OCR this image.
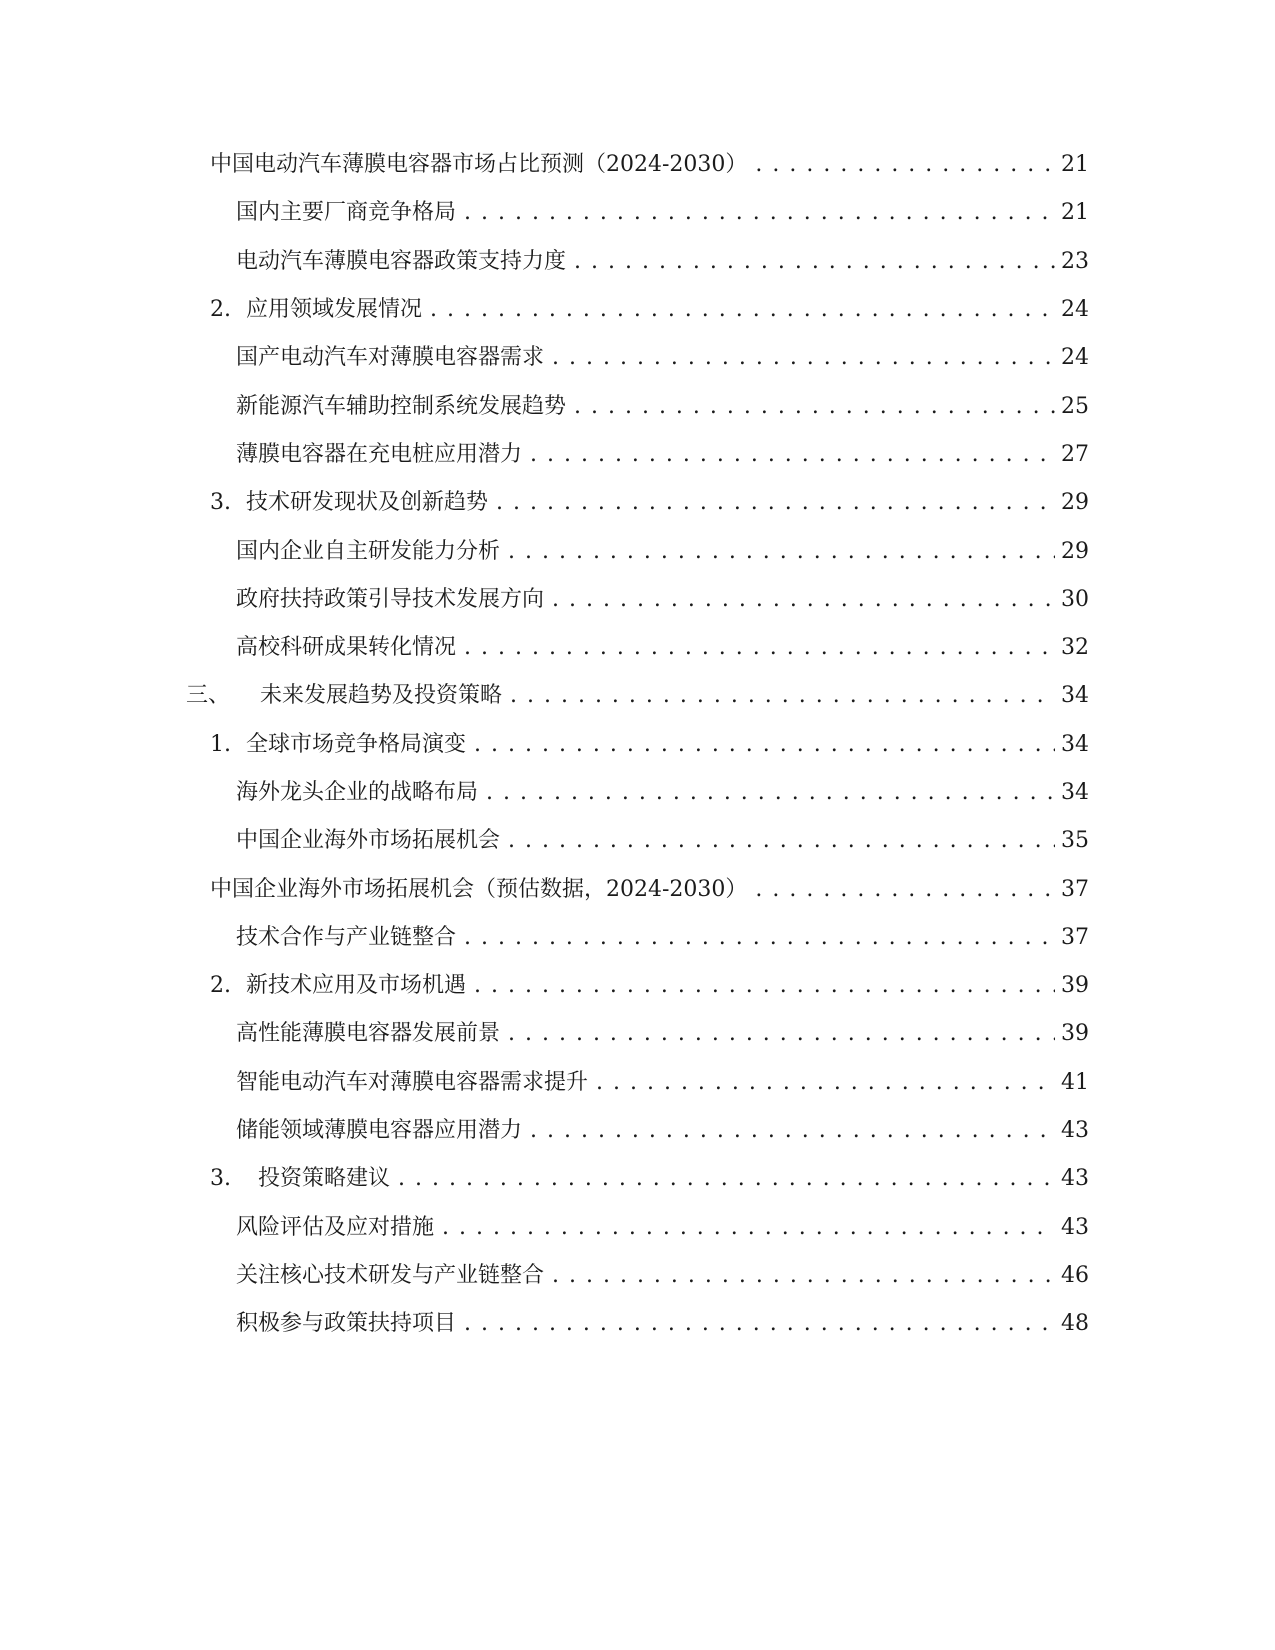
中国电动汽车薄膜电容器市场占比预测（2024-2030） . . .	21
国内主要厂商竞争格局 . . .	21
电动汽车薄膜电容器政策支持力度 . . .	23
2. 应用领域发展情况 . . .	24
国产电动汽车对薄膜电容器需求 . . .	24
新能源汽车辅助控制系统发展趋势 . . .	25
薄膜电容器在充电桩应用潜力 . . .	27
3. 技术研发现状及创新趋势 . . .	29
国内企业自主研发能力分析 . . .	29
政府扶持政策引导技术发展方向 . . .	30
高校科研成果转化情况 . . .	32
三、	未来发展趋势及投资策略 . . .	34
1. 全球市场竞争格局演变 . . .	34
海外龙头企业的战略布局 . . .	34
中国企业海外市场拓展机会 . . .	35
中国企业海外市场拓展机会（预估数据，2024-2030） . . .	37
技术合作与产业链整合 . . .	37
2. 新技术应用及市场机遇 . . .	39
高性能薄膜电容器发展前景 . . .	39
智能电动汽车对薄膜电容器需求提升 . . .	41
储能领域薄膜电容器应用潜力 . . .	43
3.	投资策略建议 . . .	43
风险评估及应对措施 . . .	43
关注核心技术研发与产业链整合 . . .	46
积极参与政策扶持项目 . . .	48
